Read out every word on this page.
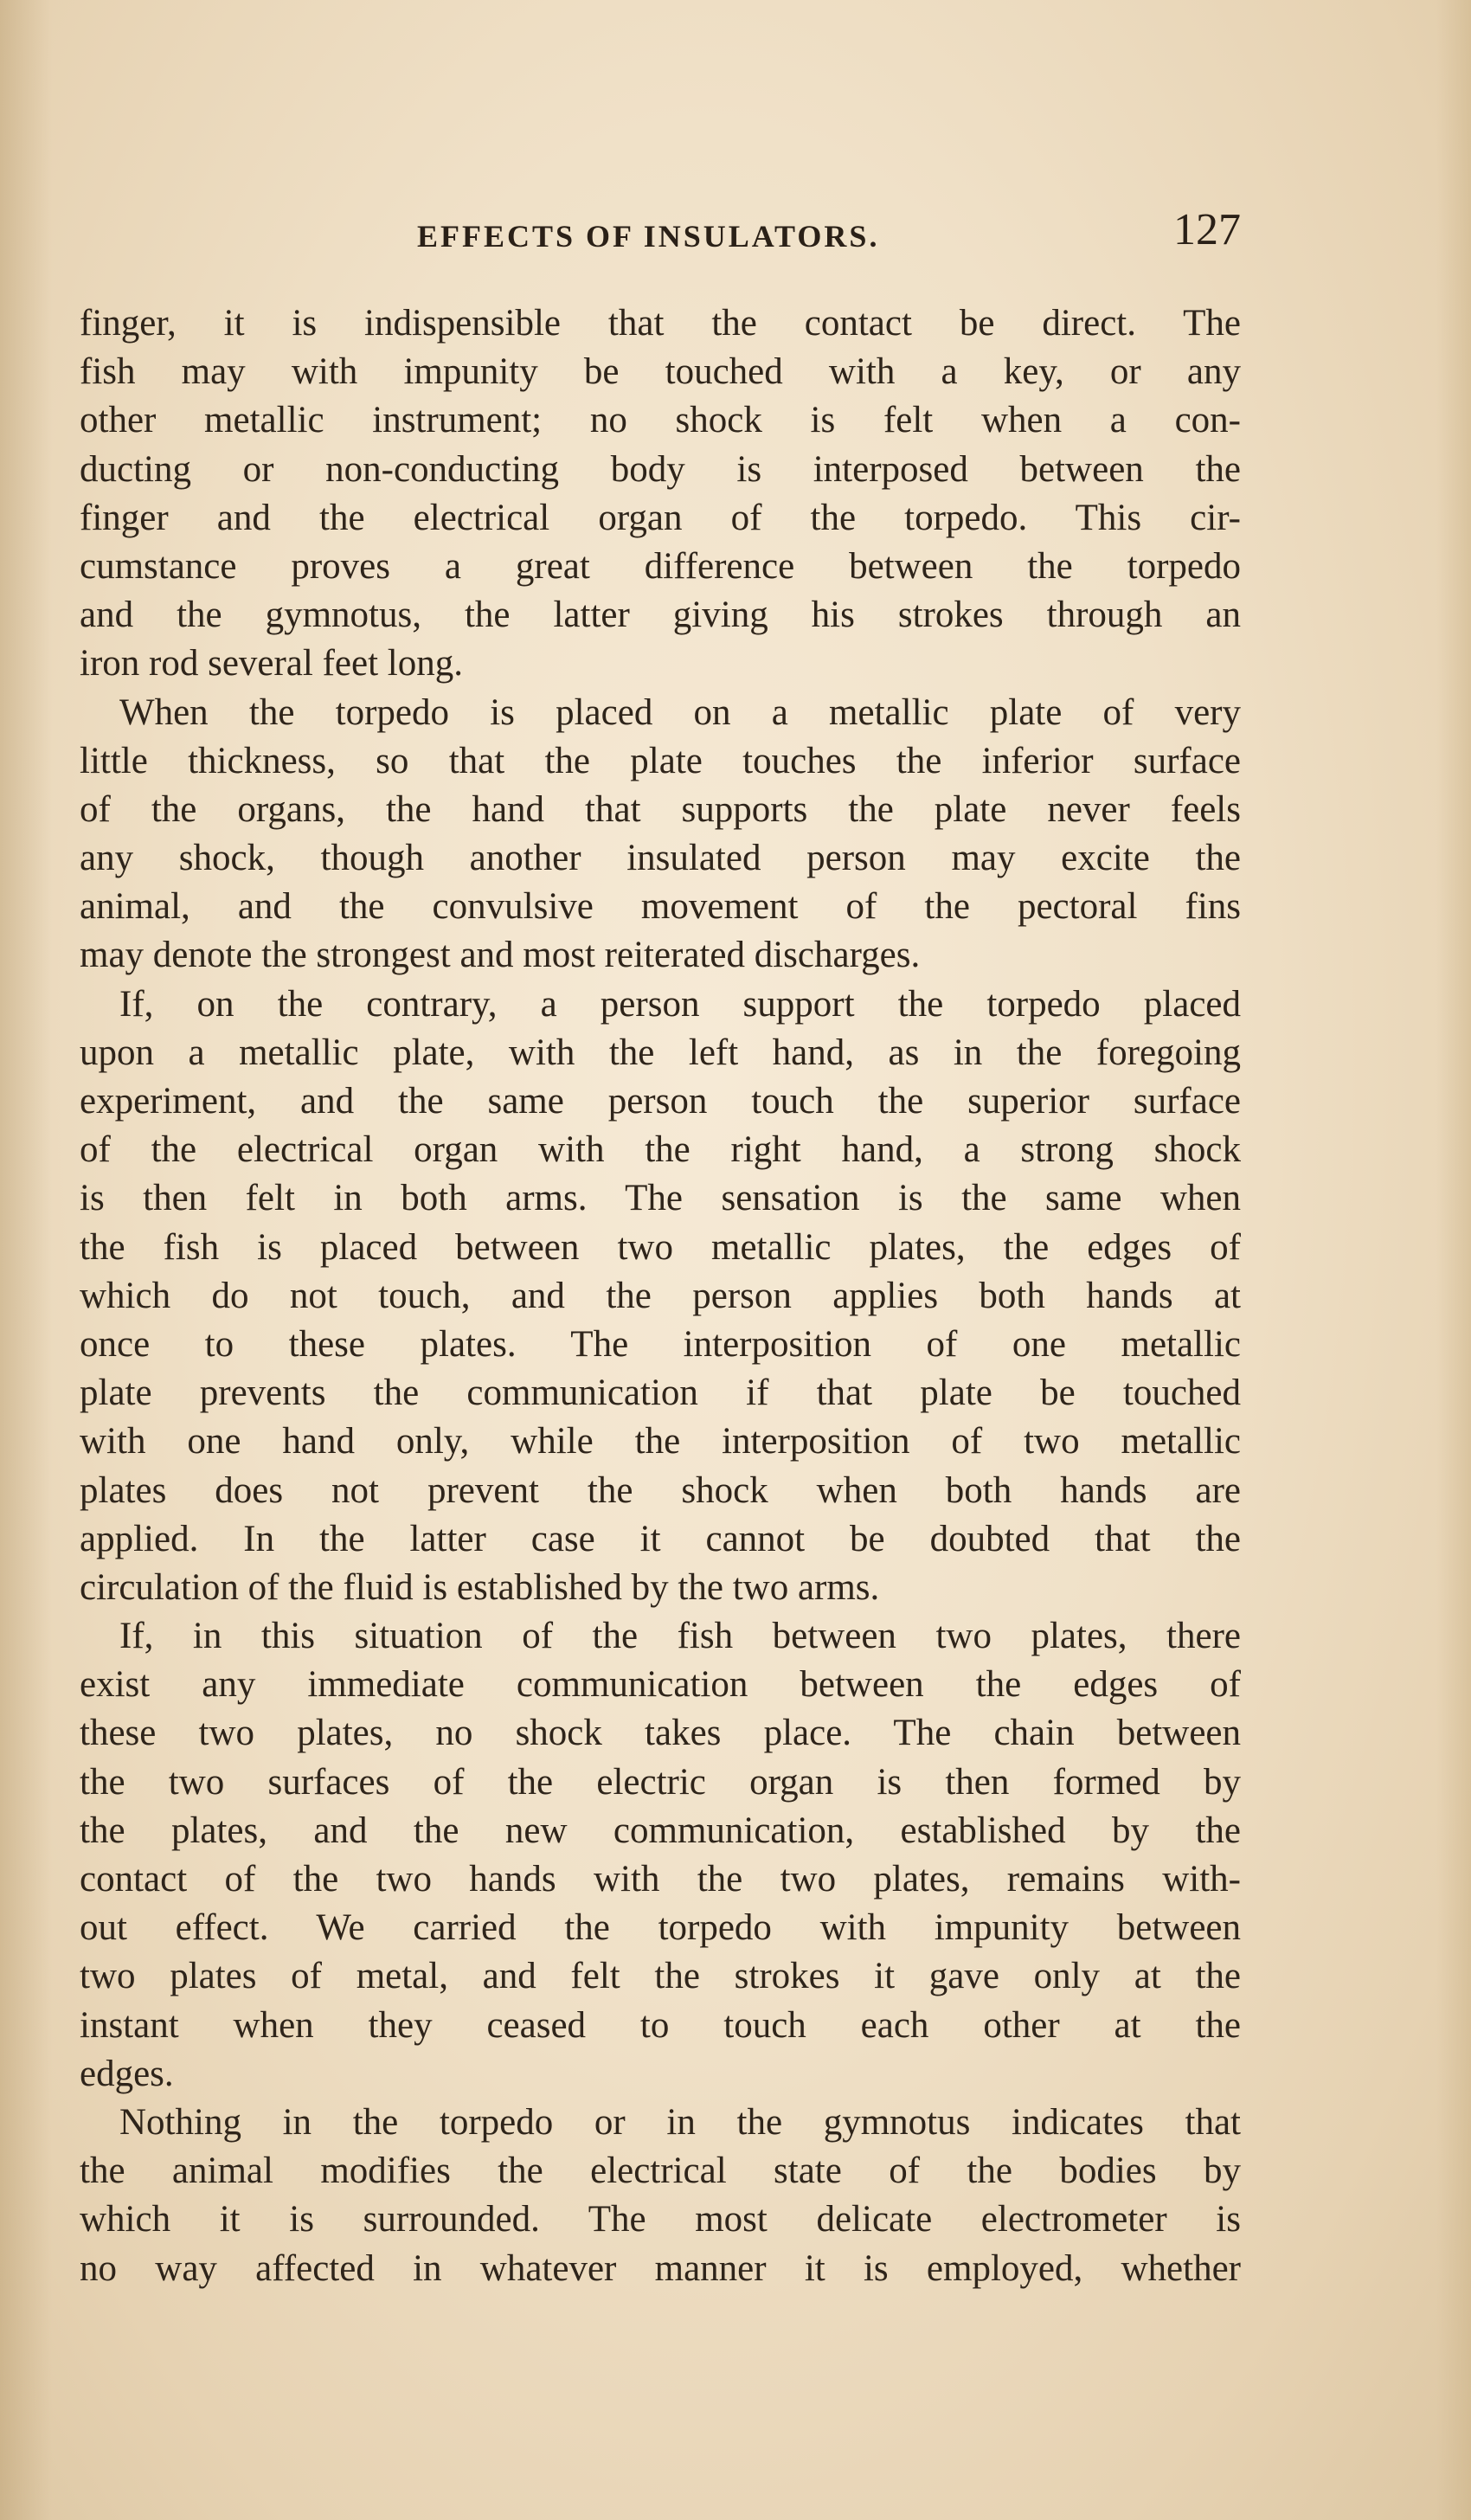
EFFECTS OF INSULATORS.	127
finger, it is indispensible that the contact be direct. The
fish may with impunity be touched with a key, or any
other metallic instrument; no shock is felt when a con-
ducting or non-conducting body is interposed between the
finger and the electrical organ of the torpedo. This cir-
cumstance proves a great difference between the torpedo
and the gymnotus, the latter giving his strokes through an
iron rod several feet long.
When the torpedo is placed on a metallic plate of very
little thickness, so that the plate touches the inferior surface
of the organs, the hand that supports the plate never feels
any shock, though another insulated person may excite the
animal, and the convulsive movement of the pectoral fins
may denote the strongest and most reiterated discharges.
If, on the contrary, a person support the torpedo placed
upon a metallic plate, with the left hand, as in the foregoing
experiment, and the same person touch the superior surface
of the electrical organ with the right hand, a strong shock
is then felt in both arms. The sensation is the same when
the fish is placed between two metallic plates, the edges of
which do not touch, and the person applies both hands at
once to these plates. The interposition of one metallic
plate prevents the communication if that plate be touched
with one hand only, while the interposition of two metallic
plates does not prevent the shock when both hands are
applied. In the latter case it cannot be doubted that the
circulation of the fluid is established by the two arms.
If, in this situation of the fish between two plates, there
exist any immediate communication between the edges of
these two plates, no shock takes place. The chain between
the two surfaces of the electric organ is then formed by
the plates, and the new communication, established by the
contact of the two hands with the two plates, remains with-
out effect. We carried the torpedo with impunity between
two plates of metal, and felt the strokes it gave only at the
instant when they ceased to touch each other at the
edges.
Nothing in the torpedo or in the gymnotus indicates that
the animal modifies the electrical state of the bodies by
which it is surrounded. The most delicate electrometer is
no way affected in whatever manner it is employed, whether
